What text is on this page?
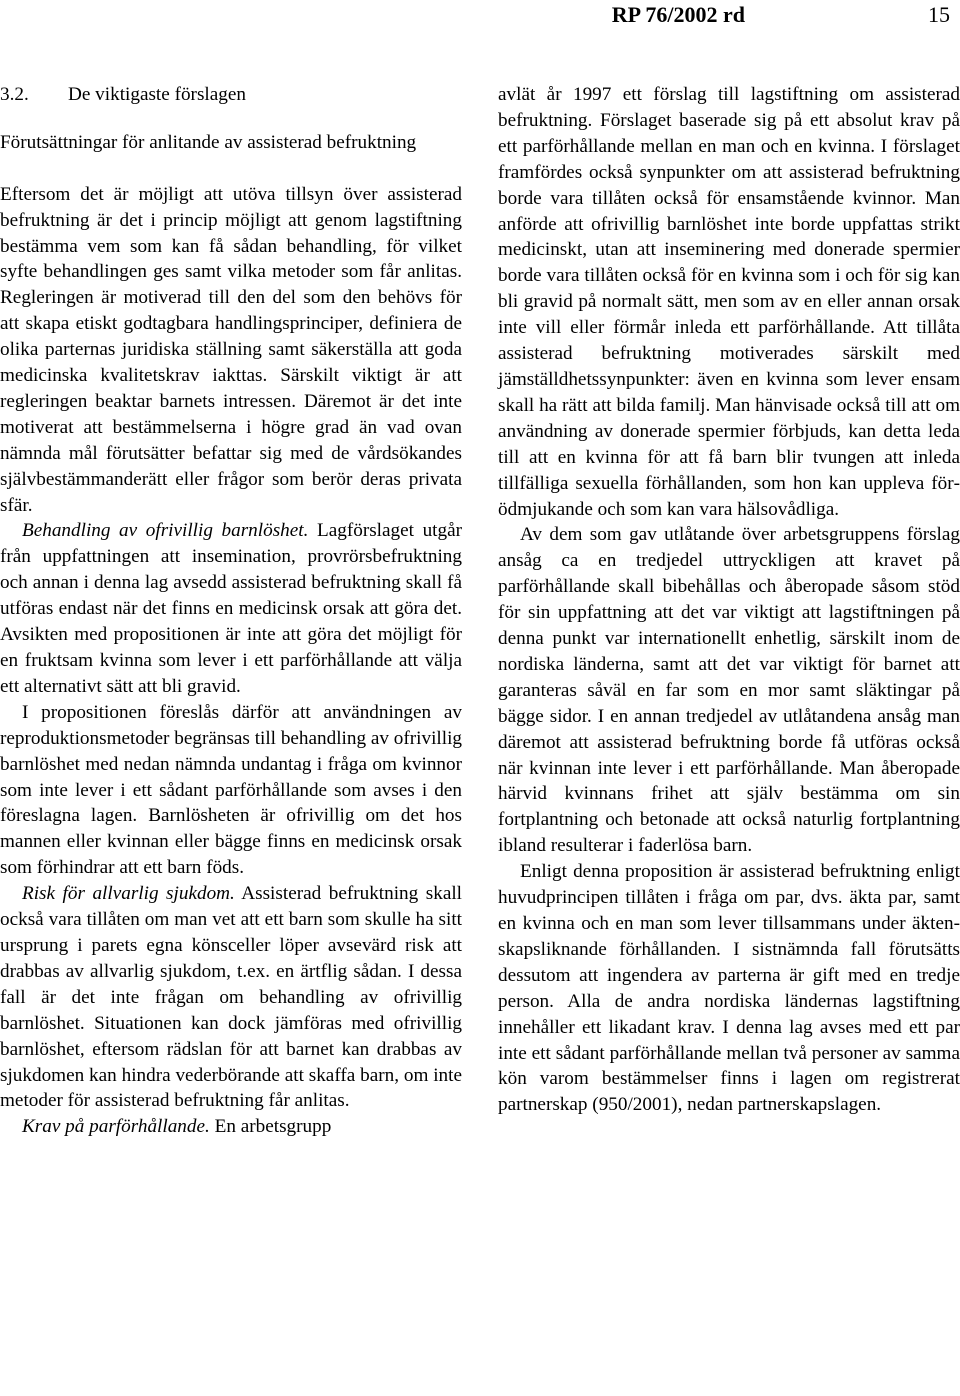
RP 76/2002 rd	15
3.2. De viktigaste förslagen

Förutsättningar för anlitande av assisterad befruktning

Eftersom det är möjligt att utöva tillsyn över assisterad befruktning är det i princip möjligt att genom lagstiftning bestämma vem som kan få sådan behandling, för vilket syfte behandlingen ges samt vilka metoder som får anlitas. Regleringen är motiverad till den del som den behövs för att skapa etiskt godtagbara handlingsprinciper, definiera de olika parternas juridiska ställning samt säkerställa att goda medicinska kvalitetskrav iakttas. Särskilt viktigt är att regleringen beaktar barnets intressen. Däremot är det inte motiverat att bestämmelserna i högre grad än vad ovan nämnda mål förutsätter befattar sig med de vårdsökandes självbestämmanderätt eller frågor som berör deras privata sfär.

Behandling av ofrivillig barnlöshet. Lagförslaget utgår från uppfattningen att insemination, provrörsbefruktning och annan i denna lag avsedd assisterad befruktning skall få utföras endast när det finns en medicinsk orsak att göra det. Avsikten med propositionen är inte att göra det möjligt för en fruktsam kvinna som lever i ett parförhållande att välja ett alternativt sätt att bli gravid.

I propositionen föreslås därför att användningen av reproduktionsmetoder begränsas till behandling av ofrivillig barnlöshet med nedan nämnda undantag i fråga om kvinnor som inte lever i ett sådant parförhållande som avses i den föreslagna lagen. Barnlösheten är ofrivillig om det hos mannen eller kvinnan eller bägge finns en medicinsk orsak som förhindrar att ett barn föds.

Risk för allvarlig sjukdom. Assisterad befruktning skall också vara tillåten om man vet att ett barn som skulle ha sitt ursprung i parets egna könsceller löper avsevärd risk att drabbas av allvarlig sjukdom, t.ex. en ärtflig sådan. I dessa fall är det inte frågan om behandling av ofrivillig barnlöshet. Situationen kan dock jämföras med ofrivillig barnlöshet, eftersom rädslan för att barnet kan drabbas av sjukdomen kan hindra vederbörande att skaffa barn, om inte metoder för assisterad befruktning får anlitas.

Krav på parförhållande. En arbetsgrupp

avlät år 1997 ett förslag till lagstiftning om assisterad befruktning. Förslaget baserade sig på ett absolut krav på ett parförhållande mellan en man och en kvinna. I förslaget framfördes också synpunkter om att assisterad befruktning borde vara tillåten också för ensamstående kvinnor. Man anförde att ofrivillig barnlöshet inte borde uppfattas strikt medicinskt, utan att inseminering med donerade spermier borde vara tillåten också för en kvinna som i och för sig kan bli gravid på normalt sätt, men som av en eller annan orsak inte vill eller förmår inleda ett parförhållande. Att tillåta assisterad befruktning motiverades särskilt med jämställdhetssynpunkter: även en kvinna som lever ensam skall ha rätt att bilda familj. Man hänvisade också till att om användning av donerade spermier förbjuds, kan detta leda till att en kvinna för att få barn blir tvungen att inleda tillfälliga sexuella förhållanden, som hon kan uppleva förödmjukande och som kan vara hälsovådliga.

Av dem som gav utlåtande över arbetsgruppens förslag ansåg ca en tredjedel uttryckligen att kravet på parförhållande skall bibehållas och åberopade såsom stöd för sin uppfattning att det var viktigt att lagstiftningen på denna punkt var internationellt enhetlig, särskilt inom de nordiska länderna, samt att det var viktigt för barnet att garanteras såväl en far som en mor samt släktingar på bägge sidor. I en annan tredjedel av utlåtandena ansåg man däremot att assisterad befruktning borde få utföras också när kvinnan inte lever i ett parförhållande. Man åberopade härvid kvinnans frihet att själv bestämma om sin fortplantning och betonade att också naturlig fortplantning ibland resulterar i faderlösa barn.

Enligt denna proposition är assisterad befruktning enligt huvudprincipen tillåten i fråga om par, dvs. äkta par, samt en kvinna och en man som lever tillsammans under äktenskapsliknande förhållanden. I sistnämnda fall förutsätts dessutom att ingendera av parterna är gift med en tredje person. Alla de andra nordiska ländernas lagstiftning innehåller ett likadant krav. I denna lag avses med ett par inte ett sådant parförhållande mellan två personer av samma kön varom bestämmelser finns i lagen om registrerat partnerskap (950/2001), nedan partnerskapslagen.
